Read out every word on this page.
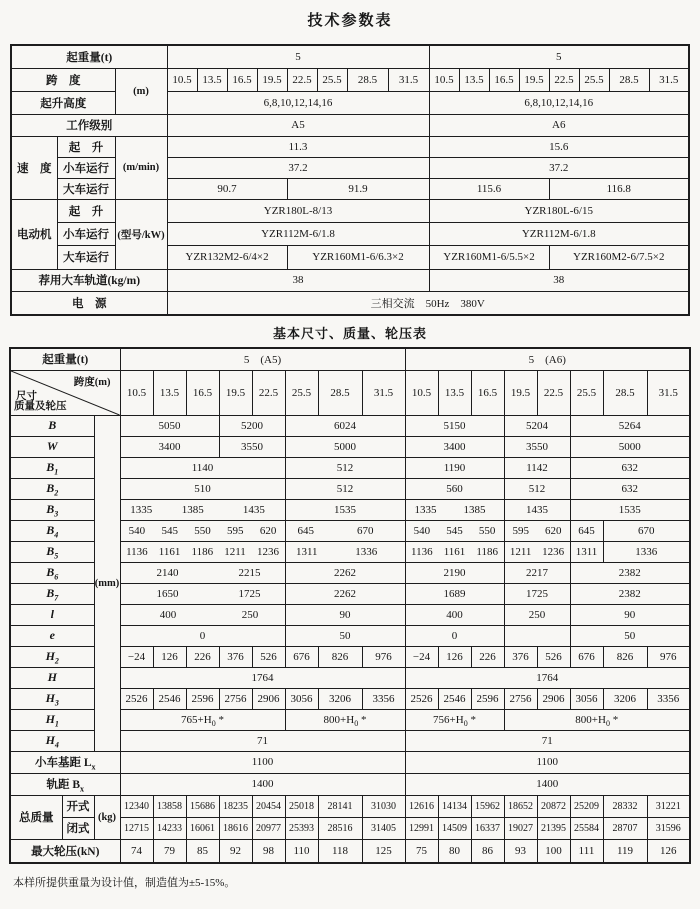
技术参数表
起重量(t)			5								5							
跨　度		(m)	10.5	13.5	16.5	19.5	22.5	25.5	28.5	31.5	10.5	13.5	16.5	19.5	22.5	25.5	28.5	31.5
起升高度			6,8,10,12,14,16								6,8,10,12,14,16							
工作级别			A5								A6							
速　度	起　升	(m/min)	11.3								15.6							
	小车运行		37.2								37.2							
	大车运行		90.7				91.9				115.6				116.8			
电动机	起　升	(型号/kW)	YZR180L-8/13								YZR180L-6/15							
	小车运行		YZR112M-6/1.8								YZR112M-6/1.8							
	大车运行		YZR132M2-6/4×2				YZR160M1-6/6.3×2				YZR160M1-6/5.5×2				YZR160M2-6/7.5×2			
荐用大车轨道(kg/m)			38								38							
电　源			三相交流　50Hz　380V															
基本尺寸、质量、轮压表
起重量(t)			5　(A5)								5　(A6)							

跨度(m)
尺寸
质量及轮压			10.5	13.5	16.5	19.5	22.5	25.5	28.5	31.5	10.5	13.5	16.5	19.5	22.5	25.5	28.5	31.5
B		(mm)	5050			5200		6024			5150			5204		5264		
W			3400			3550		5000			3400			3550		5000		
$B_1$			1140					512			1190			1142		632		
$B_2$			510					512			560			512		632		
$B_3$			1335 1385 1435					1535			1335 1385			1435		1535		
$B_4$			540 545 550 595 620					645 670			540 545 550			595 620		645	670	
$B_5$			1136 1161 1186 1211 1236					1311 1336			1136 1161 1186			1211 1236		1311	1336	
$B_6$			2140 2215					2262			2190			2217		2382		
$B_7$			1650 1725					2262			1689			1725		2382		
l			400 250					90			400			250		90		
e			0					50			0					50		
$H_2$			−24	126	226	376	526	676	826	976	−24	126	226	376	526	676	826	976
H			1764								1764							
$H_3$			2526	2546	2596	2756	2906	3056	3206	3356	2526	2546	2596	2756	2906	3056	3206	3356
$H_1$			$765+H_0$ *					$800+H_0$ *			$756+H_0$ *			$800+H_0$ *				
$H_4$			71								71							
小车基距 $L_x$			1100								1100							
轨距 $B_x$			1400								1400							
总质量	开式	(kg)	12340	13858	15686	18235	20454	25018	28141	31030	12616	14134	15962	18652	20872	25209	28332	31221
	闭式		12715	14233	16061	18616	20977	25393	28516	31405	12991	14509	16337	19027	21395	25584	28707	31596
最大轮压(kN)			74	79	85	92	98	110	118	125	75	80	86	93	100	111	119	126
本样所提供重量为设计值，制造值为±5-15%。
